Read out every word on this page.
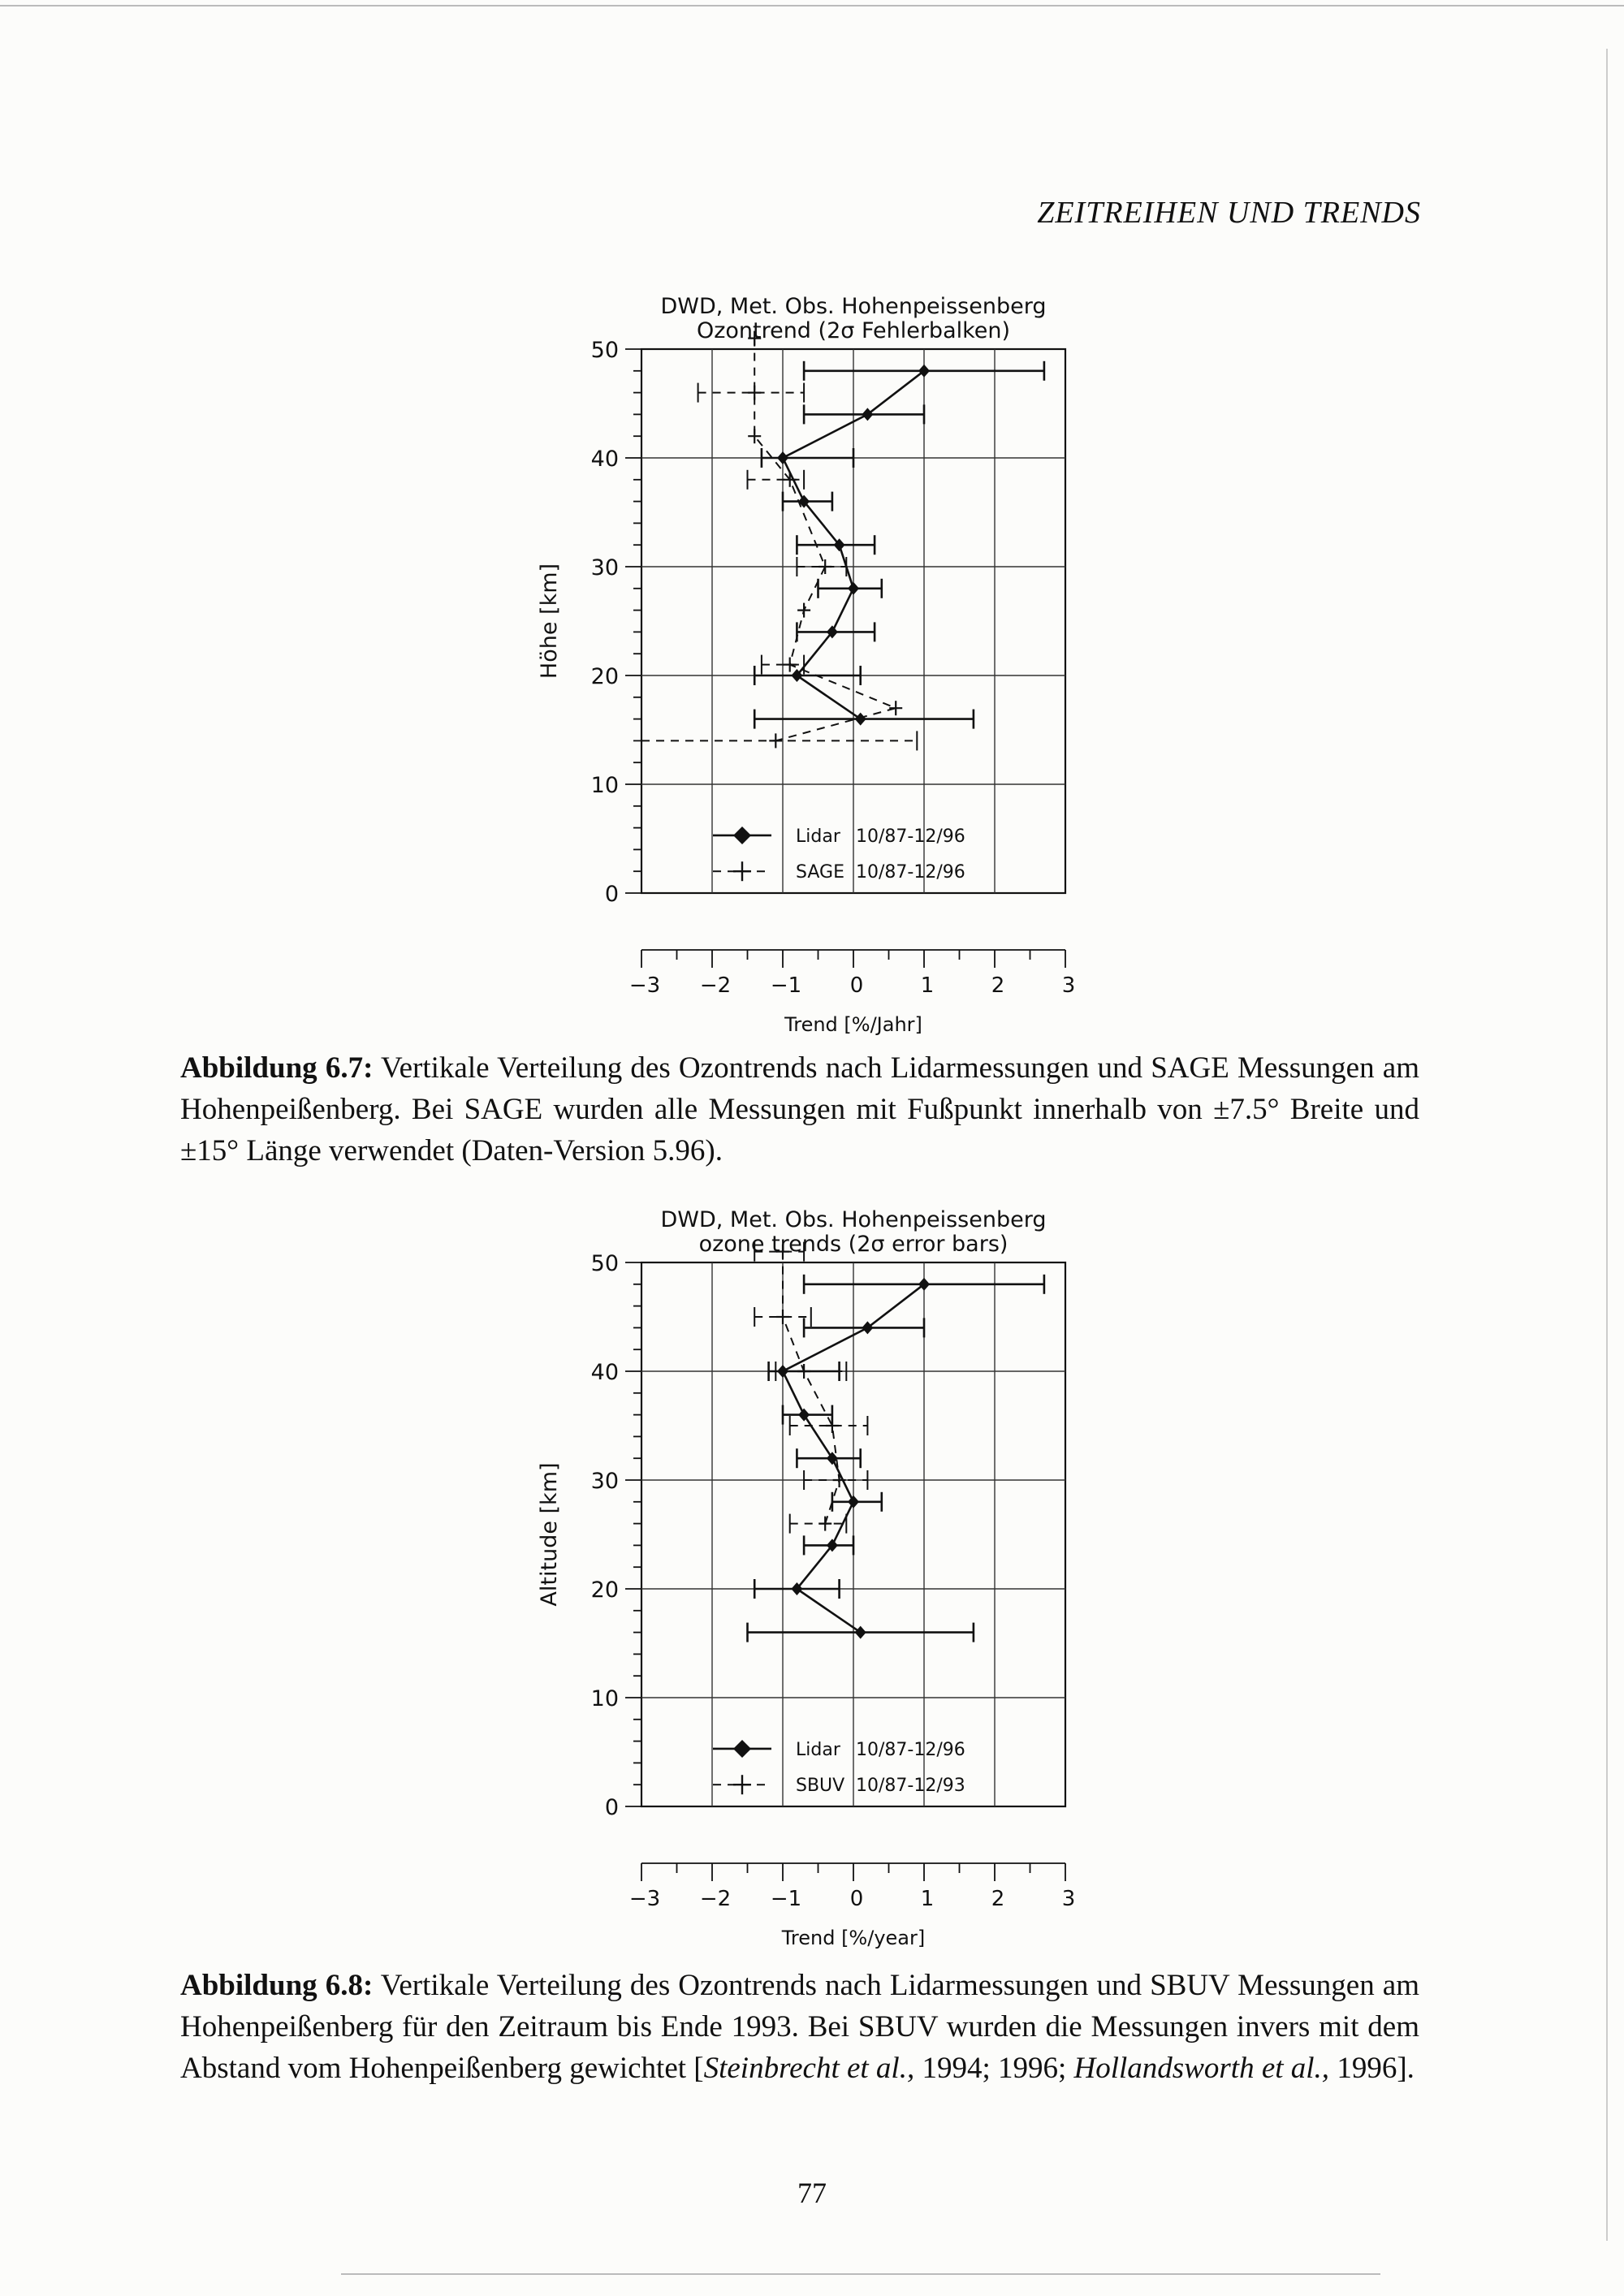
ZEITREIHEN UND TRENDS
DWD, Met. Obs. Hohenpeissenberg
Ozontrend (2σ Fehlerbalken)
0
10
20
30
40
50
Höhe [km]
−3 −2 −1 0	1	2	3
Trend [%/Jahr]
Lidar 10/87-12/96
SAGE 10/87-12/96
Abbildung 6.7: Vertikale Verteilung des Ozontrends nach Lidarmessungen und SAGE Messungen am Hohenpeißenberg. Bei SAGE wurden alle Messungen mit Fußpunkt innerhalb von ±7.5° Breite und ±15° Länge verwendet (Daten-Version 5.96).
DWD, Met. Obs. Hohenpeissenberg
ozone trends (2σ error bars)
0
10
20
30
40
50
Altitude [km]
−3 −2 −1 0	1	2	3
Trend [%/year]
Lidar 10/87-12/96
SBUV 10/87-12/93
Abbildung 6.8: Vertikale Verteilung des Ozontrends nach Lidarmessungen und SBUV Messungen am Hohenpeißenberg für den Zeitraum bis Ende 1993. Bei SBUV wurden die Messungen invers mit dem Abstand vom Hohenpeißenberg gewichtet [Steinbrecht et al., 1994; 1996; Hollandsworth et al., 1996].
77
